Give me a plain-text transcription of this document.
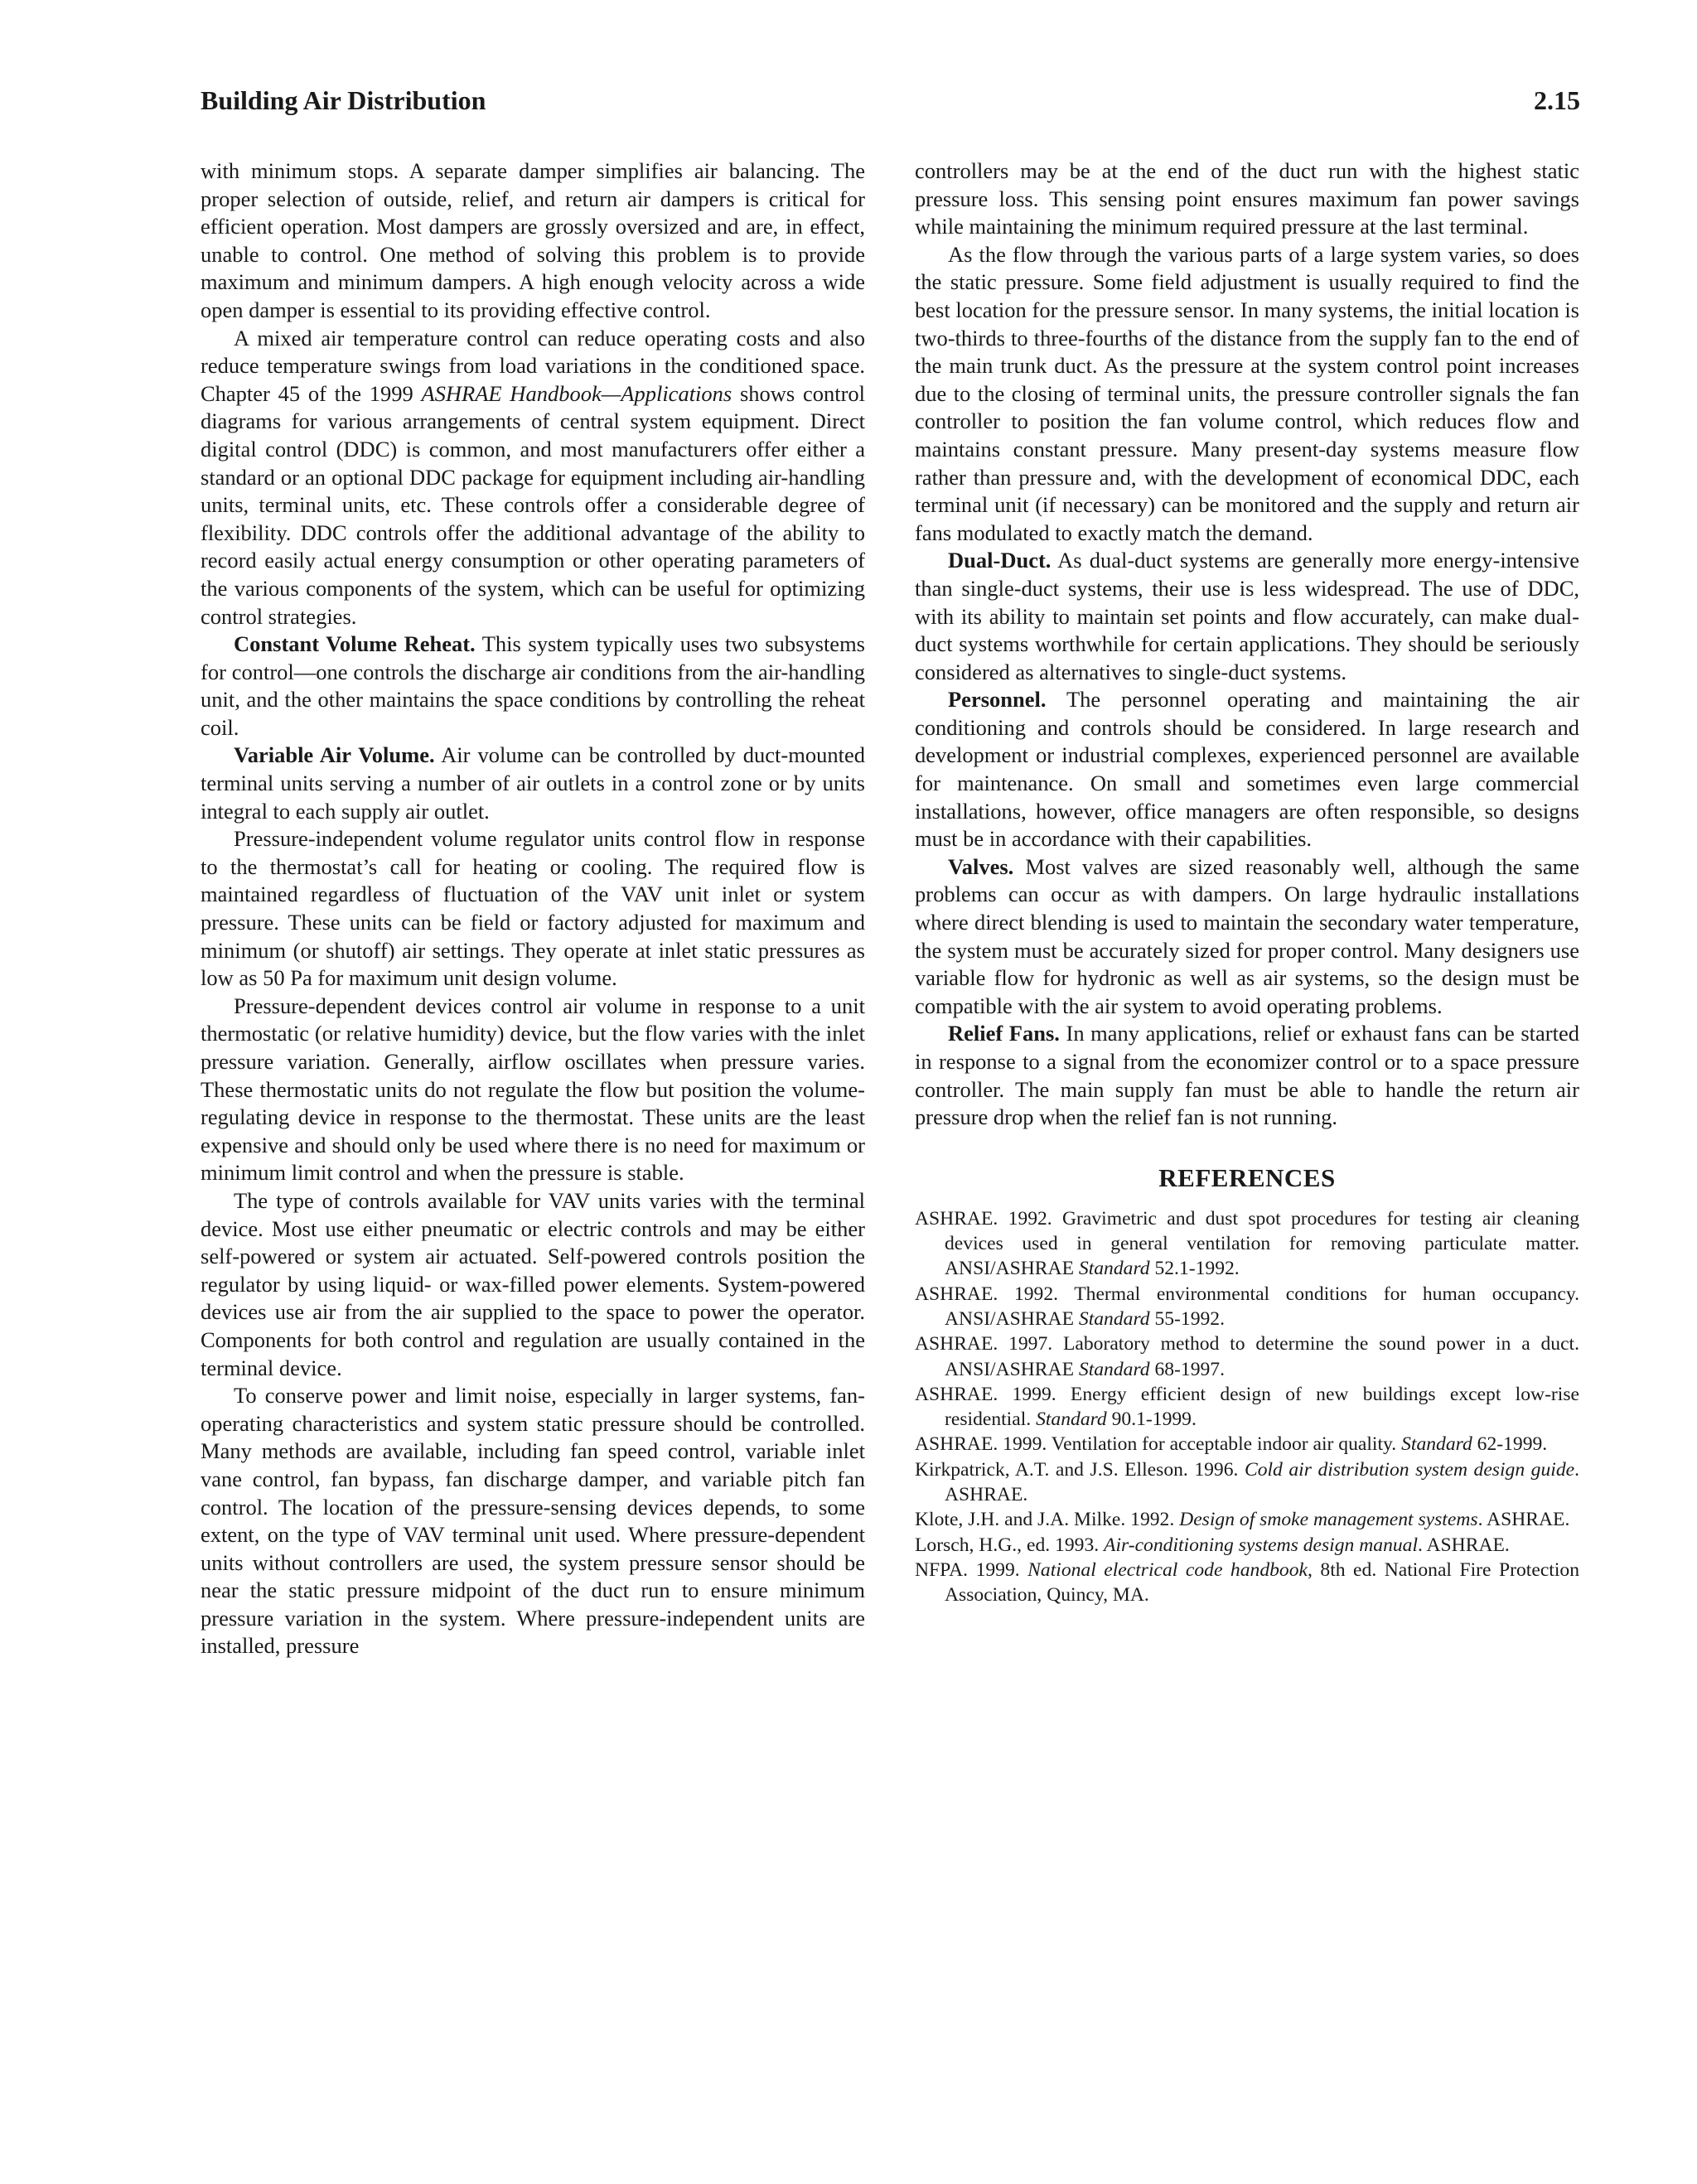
Building Air Distribution	2.15

with minimum stops. A separate damper simplifies air balancing. The proper selection of outside, relief, and return air dampers is critical for efficient operation. Most dampers are grossly oversized and are, in effect, unable to control. One method of solving this problem is to provide maximum and minimum dampers. A high enough velocity across a wide open damper is essential to its providing effective control.

A mixed air temperature control can reduce operating costs and also reduce temperature swings from load variations in the conditioned space. Chapter 45 of the 1999 ASHRAE Handbook—Applications shows control diagrams for various arrangements of central system equipment. Direct digital control (DDC) is common, and most manufacturers offer either a standard or an optional DDC package for equipment including air-handling units, terminal units, etc. These controls offer a considerable degree of flexibility. DDC controls offer the additional advantage of the ability to record easily actual energy consumption or other operating parameters of the various components of the system, which can be useful for optimizing control strategies.

Constant Volume Reheat. This system typically uses two subsystems for control—one controls the discharge air conditions from the air-handling unit, and the other maintains the space conditions by controlling the reheat coil.

Variable Air Volume. Air volume can be controlled by duct-mounted terminal units serving a number of air outlets in a control zone or by units integral to each supply air outlet.

Pressure-independent volume regulator units control flow in response to the thermostat’s call for heating or cooling. The required flow is maintained regardless of fluctuation of the VAV unit inlet or system pressure. These units can be field or factory adjusted for maximum and minimum (or shutoff) air settings. They operate at inlet static pressures as low as 50 Pa for maximum unit design volume.

Pressure-dependent devices control air volume in response to a unit thermostatic (or relative humidity) device, but the flow varies with the inlet pressure variation. Generally, airflow oscillates when pressure varies. These thermostatic units do not regulate the flow but position the volume-regulating device in response to the thermostat. These units are the least expensive and should only be used where there is no need for maximum or minimum limit control and when the pressure is stable.

The type of controls available for VAV units varies with the terminal device. Most use either pneumatic or electric controls and may be either self-powered or system air actuated. Self-powered controls position the regulator by using liquid- or wax-filled power elements. System-powered devices use air from the air supplied to the space to power the operator. Components for both control and regulation are usually contained in the terminal device.

To conserve power and limit noise, especially in larger systems, fan-operating characteristics and system static pressure should be controlled. Many methods are available, including fan speed control, variable inlet vane control, fan bypass, fan discharge damper, and variable pitch fan control. The location of the pressure-sensing devices depends, to some extent, on the type of VAV terminal unit used. Where pressure-dependent units without controllers are used, the system pressure sensor should be near the static pressure midpoint of the duct run to ensure minimum pressure variation in the system. Where pressure-independent units are installed, pressure

controllers may be at the end of the duct run with the highest static pressure loss. This sensing point ensures maximum fan power savings while maintaining the minimum required pressure at the last terminal.

As the flow through the various parts of a large system varies, so does the static pressure. Some field adjustment is usually required to find the best location for the pressure sensor. In many systems, the initial location is two-thirds to three-fourths of the distance from the supply fan to the end of the main trunk duct. As the pressure at the system control point increases due to the closing of terminal units, the pressure controller signals the fan controller to position the fan volume control, which reduces flow and maintains constant pressure. Many present-day systems measure flow rather than pressure and, with the development of economical DDC, each terminal unit (if necessary) can be monitored and the supply and return air fans modulated to exactly match the demand.

Dual-Duct. As dual-duct systems are generally more energy-intensive than single-duct systems, their use is less widespread. The use of DDC, with its ability to maintain set points and flow accurately, can make dual-duct systems worthwhile for certain applications. They should be seriously considered as alternatives to single-duct systems.

Personnel. The personnel operating and maintaining the air conditioning and controls should be considered. In large research and development or industrial complexes, experienced personnel are available for maintenance. On small and sometimes even large commercial installations, however, office managers are often responsible, so designs must be in accordance with their capabilities.

Valves. Most valves are sized reasonably well, although the same problems can occur as with dampers. On large hydraulic installations where direct blending is used to maintain the secondary water temperature, the system must be accurately sized for proper control. Many designers use variable flow for hydronic as well as air systems, so the design must be compatible with the air system to avoid operating problems.

Relief Fans. In many applications, relief or exhaust fans can be started in response to a signal from the economizer control or to a space pressure controller. The main supply fan must be able to handle the return air pressure drop when the relief fan is not running.

REFERENCES
ASHRAE. 1992. Gravimetric and dust spot procedures for testing air cleaning devices used in general ventilation for removing particulate matter. ANSI/ASHRAE Standard 52.1-1992.
ASHRAE. 1992. Thermal environmental conditions for human occupancy. ANSI/ASHRAE Standard 55-1992.
ASHRAE. 1997. Laboratory method to determine the sound power in a duct. ANSI/ASHRAE Standard 68-1997.
ASHRAE. 1999. Energy efficient design of new buildings except low-rise residential. Standard 90.1-1999.
ASHRAE. 1999. Ventilation for acceptable indoor air quality. Standard 62-1999.
Kirkpatrick, A.T. and J.S. Elleson. 1996. Cold air distribution system design guide. ASHRAE.
Klote, J.H. and J.A. Milke. 1992. Design of smoke management systems. ASHRAE.
Lorsch, H.G., ed. 1993. Air-conditioning systems design manual. ASHRAE.
NFPA. 1999. National electrical code handbook, 8th ed. National Fire Protection Association, Quincy, MA.
